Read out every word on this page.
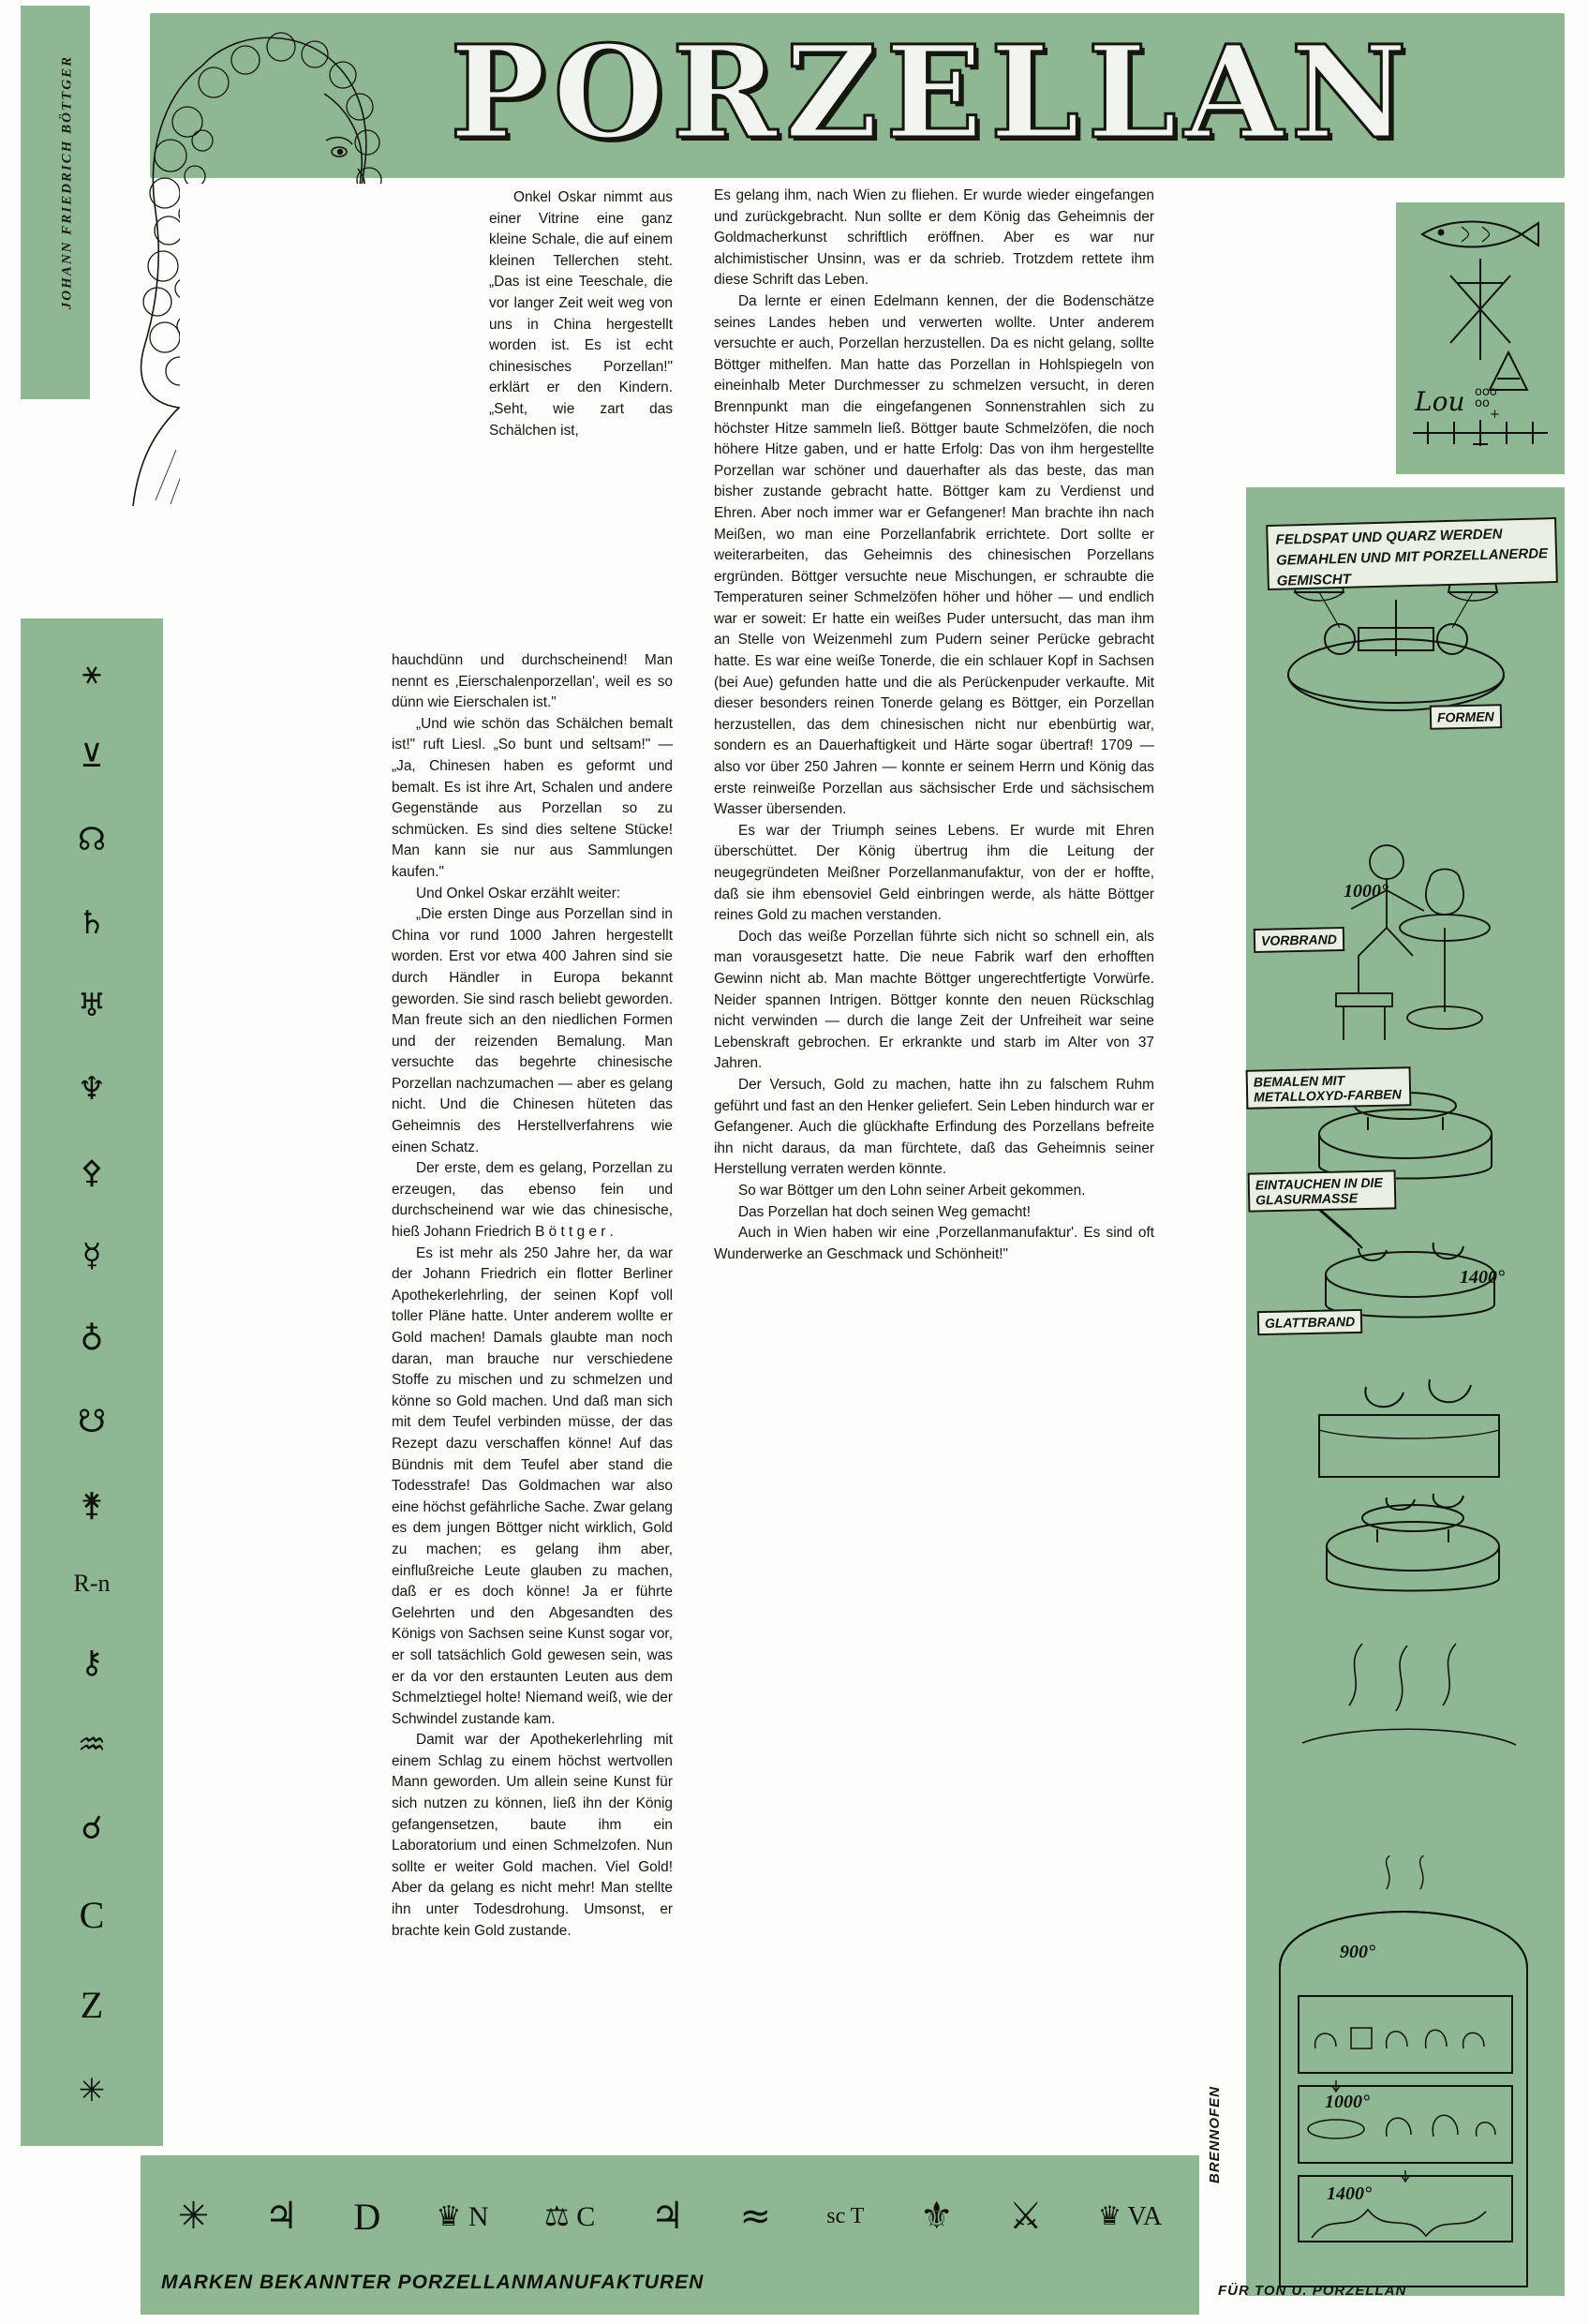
JOHANN FRIEDRICH BÖTTGER	PORZELLAN
Lou ooo
oo
+
⚹
⊻
☊
♄
♅
♆
⚴
☿
♁
☋
⚵
R-n
⚷
♒
☌
C
Z
✳

Onkel Oskar nimmt aus einer Vitrine eine ganz kleine Schale, die auf einem kleinen Tellerchen steht. „Das ist eine Teeschale, die vor langer Zeit weit weg von uns in China hergestellt worden ist. Es ist echt chinesisches Porzellan!" erklärt er den Kindern. „Seht, wie zart das Schälchen ist,

hauchdünn und durchscheinend! Man nennt es ‚Eierschalenporzellan', weil es so dünn wie Eierschalen ist."

„Und wie schön das Schälchen bemalt ist!" ruft Liesl. „So bunt und seltsam!" — „Ja, Chinesen haben es geformt und bemalt. Es ist ihre Art, Schalen und andere Gegenstände aus Porzellan so zu schmücken. Es sind dies seltene Stücke! Man kann sie nur aus Sammlungen kaufen."

Und Onkel Oskar erzählt weiter:

„Die ersten Dinge aus Porzellan sind in China vor rund 1000 Jahren hergestellt worden. Erst vor etwa 400 Jahren sind sie durch Händler in Europa bekannt geworden. Sie sind rasch beliebt geworden. Man freute sich an den niedlichen Formen und der reizenden Bemalung. Man versuchte das begehrte chinesische Porzellan nachzumachen — aber es gelang nicht. Und die Chinesen hüteten das Geheimnis des Herstellverfahrens wie einen Schatz.

Der erste, dem es gelang, Porzellan zu erzeugen, das ebenso fein und durchscheinend war wie das chinesische, hieß Johann Friedrich B ö t t g e r .

Es ist mehr als 250 Jahre her, da war der Johann Friedrich ein flotter Berliner Apothekerlehrling, der seinen Kopf voll toller Pläne hatte. Unter anderem wollte er Gold machen! Damals glaubte man noch daran, man brauche nur verschiedene Stoffe zu mischen und zu schmelzen und könne so Gold machen. Und daß man sich mit dem Teufel verbinden müsse, der das Rezept dazu verschaffen könne! Auf das Bündnis mit dem Teufel aber stand die Todesstrafe! Das Goldmachen war also eine höchst gefährliche Sache. Zwar gelang es dem jungen Böttger nicht wirklich, Gold zu machen; es gelang ihm aber, einflußreiche Leute glauben zu machen, daß er es doch könne! Ja er führte Gelehrten und den Abgesandten des Königs von Sachsen seine Kunst sogar vor, er soll tatsächlich Gold gewesen sein, was er da vor den erstaunten Leuten aus dem Schmelztiegel holte! Niemand weiß, wie der Schwindel zustande kam.

Damit war der Apothekerlehrling mit einem Schlag zu einem höchst wertvollen Mann geworden. Um allein seine Kunst für sich nutzen zu können, ließ ihn der König gefangensetzen, baute ihm ein Laboratorium und einen Schmelzofen. Nun sollte er weiter Gold machen. Viel Gold! Aber da gelang es nicht mehr! Man stellte ihn unter Todesdrohung. Umsonst, er brachte kein Gold zustande.

Es gelang ihm, nach Wien zu fliehen. Er wurde wieder eingefangen und zurückgebracht. Nun sollte er dem König das Geheimnis der Goldmacherkunst schriftlich eröffnen. Aber es war nur alchimistischer Unsinn, was er da schrieb. Trotzdem rettete ihm diese Schrift das Leben.

Da lernte er einen Edelmann kennen, der die Bodenschätze seines Landes heben und verwerten wollte. Unter anderem versuchte er auch, Porzellan herzustellen. Da es nicht gelang, sollte Böttger mithelfen. Man hatte das Porzellan in Hohlspiegeln von eineinhalb Meter Durchmesser zu schmelzen versucht, in deren Brennpunkt man die eingefangenen Sonnenstrahlen sich zu höchster Hitze sammeln ließ. Böttger baute Schmelzöfen, die noch höhere Hitze gaben, und er hatte Erfolg: Das von ihm hergestellte Porzellan war schöner und dauerhafter als das beste, das man bisher zustande gebracht hatte. Böttger kam zu Verdienst und Ehren. Aber noch immer war er Gefangener! Man brachte ihn nach Meißen, wo man eine Porzellanfabrik errichtete. Dort sollte er weiterarbeiten, das Geheimnis des chinesischen Porzellans ergründen. Böttger versuchte neue Mischungen, er schraubte die Temperaturen seiner Schmelzöfen höher und höher — und endlich war er soweit: Er hatte ein weißes Puder untersucht, das man ihm an Stelle von Weizenmehl zum Pudern seiner Perücke gebracht hatte. Es war eine weiße Tonerde, die ein schlauer Kopf in Sachsen (bei Aue) gefunden hatte und die als Perückenpuder verkaufte. Mit dieser besonders reinen Tonerde gelang es Böttger, ein Porzellan herzustellen, das dem chinesischen nicht nur ebenbürtig war, sondern es an Dauerhaftigkeit und Härte sogar übertraf! 1709 — also vor über 250 Jahren — konnte er seinem Herrn und König das erste reinweiße Porzellan aus sächsischer Erde und sächsischem Wasser übersenden.

Es war der Triumph seines Lebens. Er wurde mit Ehren überschüttet. Der König übertrug ihm die Leitung der neugegründeten Meißner Porzellanmanufaktur, von der er hoffte, daß sie ihm ebensoviel Geld einbringen werde, als hätte Böttger reines Gold zu machen verstanden.

Doch das weiße Porzellan führte sich nicht so schnell ein, als man vorausgesetzt hatte. Die neue Fabrik warf den erhofften Gewinn nicht ab. Man machte Böttger ungerechtfertigte Vorwürfe. Neider spannen Intrigen. Böttger konnte den neuen Rückschlag nicht verwinden — durch die lange Zeit der Unfreiheit war seine Lebenskraft gebrochen. Er erkrankte und starb im Alter von 37 Jahren.

Der Versuch, Gold zu machen, hatte ihn zu falschem Ruhm geführt und fast an den Henker geliefert. Sein Leben hindurch war er Gefangener. Auch die glückhafte Erfindung des Porzellans befreite ihn nicht daraus, da man fürchtete, daß das Geheimnis seiner Herstellung verraten werden könnte.

So war Böttger um den Lohn seiner Arbeit gekommen.

Das Porzellan hat doch seinen Weg gemacht!

Auch in Wien haben wir eine ‚Porzellanmanufaktur'. Es sind oft Wunderwerke an Geschmack und Schönheit!"

FORMEN
1000°
VORBRAND
BEMALEN MIT METALLOXYD-FARBEN
EINTAUCHEN IN DIE GLASURMASSE
1400°
GLATTBRAND
FELDSPAT UND QUARZ WERDEN GEMAHLEN UND MIT PORZELLANERDE GEMISCHT
900°
1000°
1400°
BRENNOFEN
FÜR TON U. PORZELLAN
✳ ♃ D ♛ N ⚖ C ♃ ≈ sc T ⚜ ⚔ ♛ VA
MARKEN BEKANNTER PORZELLANMANUFAKTUREN
